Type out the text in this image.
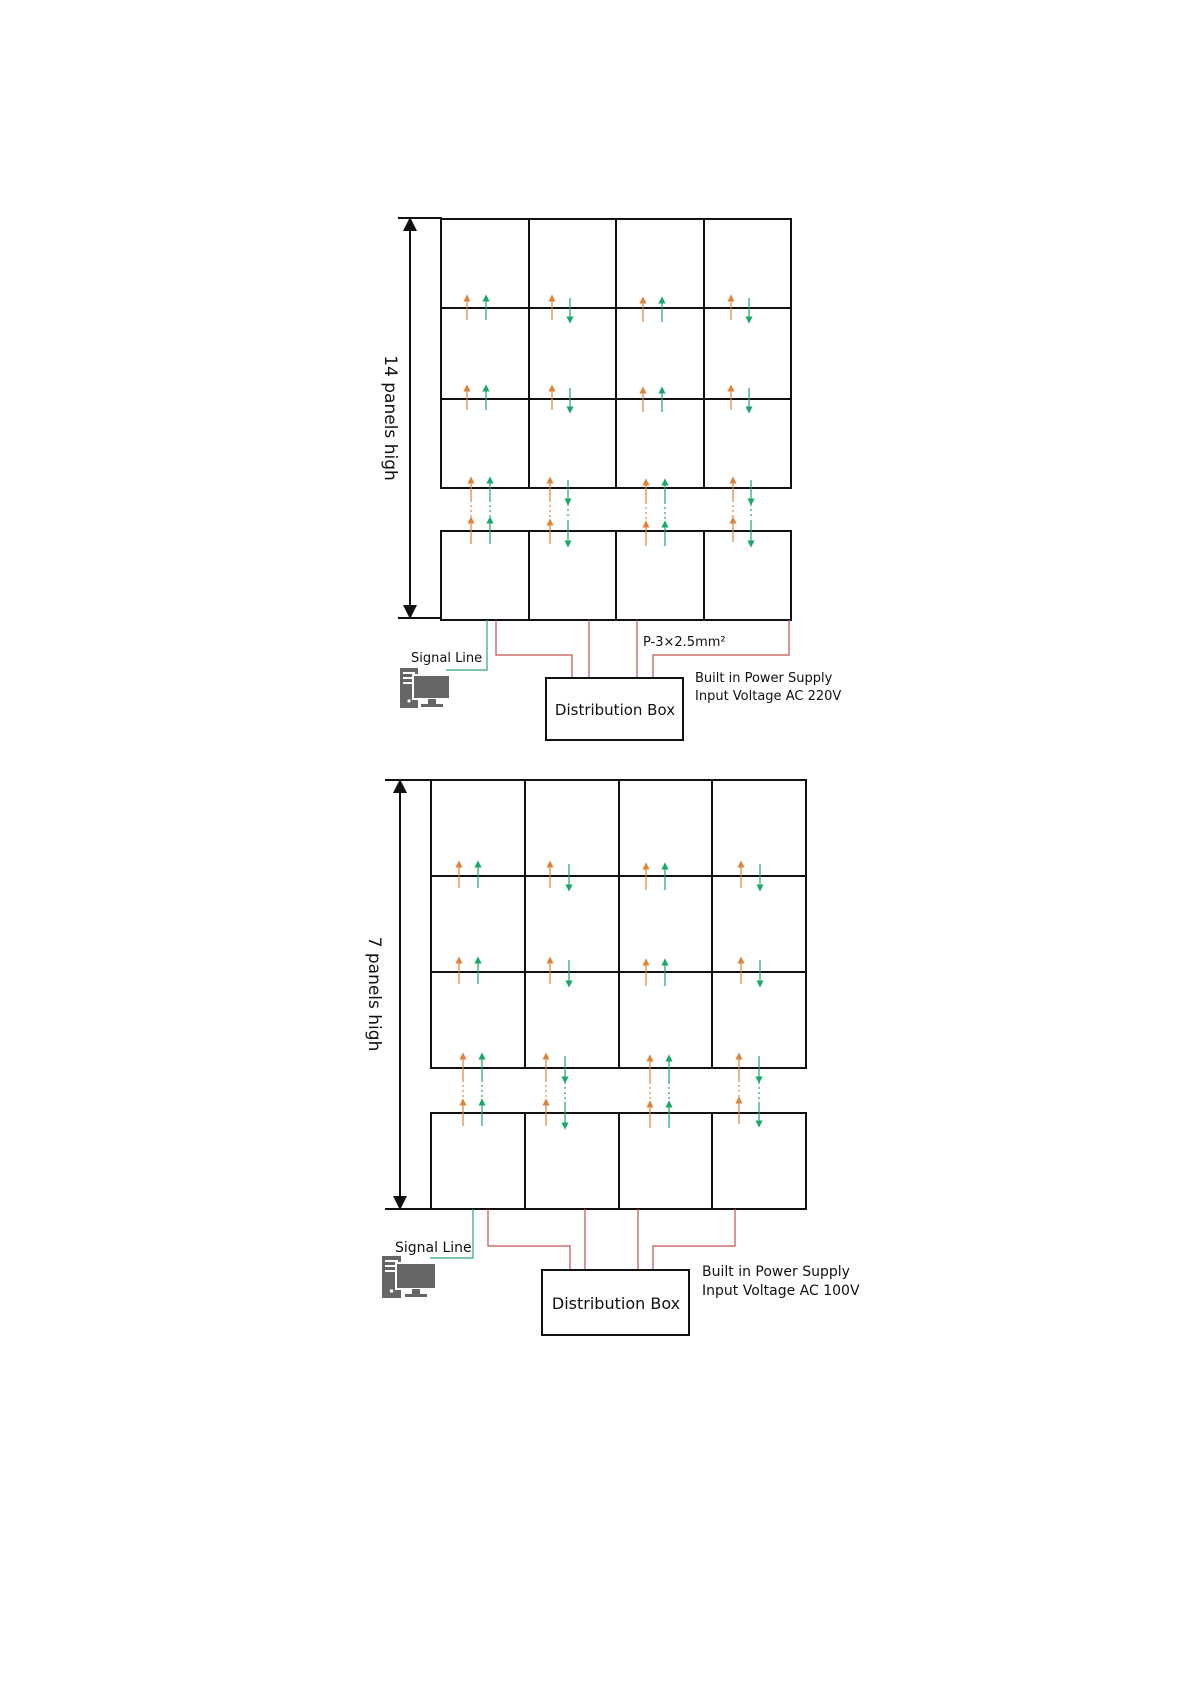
14 panels high
P-3×2.5mm²
Signal Line
Distribution Box
Built in Power Supply
Input Voltage AC 220V
7 panels high
Signal Line
Distribution Box
Built in Power Supply
Input Voltage AC 100V
